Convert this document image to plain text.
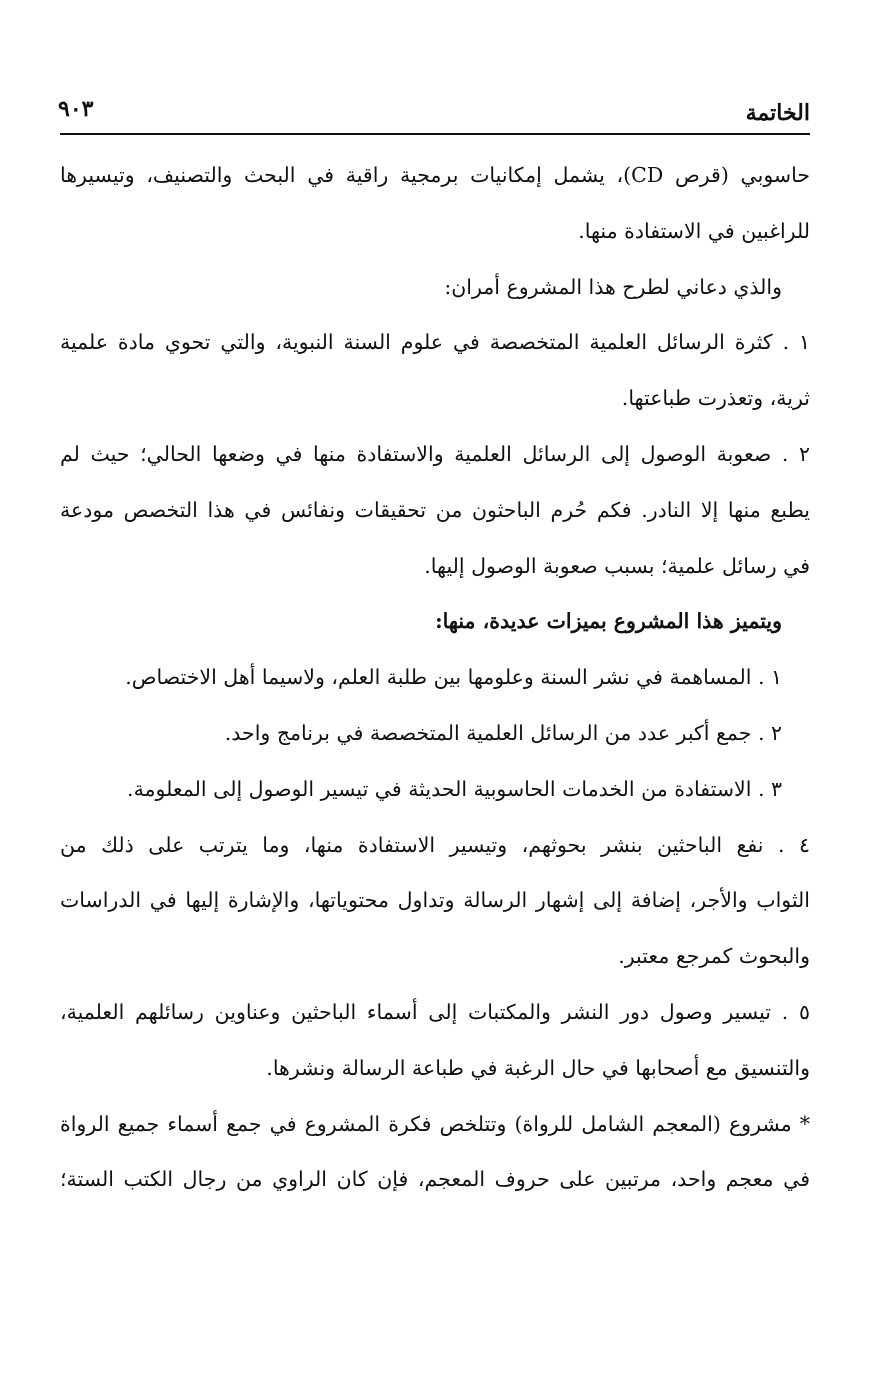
الخاتمة
٩٠٣
حاسوبي (قرص CD)، يشمل إمكانيات برمجية راقية في البحث والتصنيف، وتيسيرها
للراغبين في الاستفادة منها.
والذي دعاني لطرح هذا المشروع أمران:
١ . كثرة الرسائل العلمية المتخصصة في علوم السنة النبوية، والتي تحوي مادة علمية
ثرية، وتعذرت طباعتها.
٢ . صعوبة الوصول إلى الرسائل العلمية والاستفادة منها في وضعها الحالي؛ حيث لم
يطبع منها إلا النادر. فكم حُرم الباحثون من تحقيقات ونفائس في هذا التخصص مودعة
في رسائل علمية؛ بسبب صعوبة الوصول إليها.
ويتميز هذا المشروع بميزات عديدة، منها:
١ . المساهمة في نشر السنة وعلومها بين طلبة العلم، ولاسيما أهل الاختصاص.
٢ . جمع أكبر عدد من الرسائل العلمية المتخصصة في برنامج واحد.
٣ . الاستفادة من الخدمات الحاسوبية الحديثة في تيسير الوصول إلى المعلومة.
٤ . نفع الباحثين بنشر بحوثهم، وتيسير الاستفادة منها، وما يترتب على ذلك من
الثواب والأجر، إضافة إلى إشهار الرسالة وتداول محتوياتها، والإشارة إليها في الدراسات
والبحوث كمرجع معتبر.
٥ . تيسير وصول دور النشر والمكتبات إلى أسماء الباحثين وعناوين رسائلهم العلمية،
والتنسيق مع أصحابها في حال الرغبة في طباعة الرسالة ونشرها.
* مشروع (المعجم الشامل للرواة) وتتلخص فكرة المشروع في جمع أسماء جميع الرواة
في معجم واحد، مرتبين على حروف المعجم، فإن كان الراوي من رجال الكتب الستة؛
